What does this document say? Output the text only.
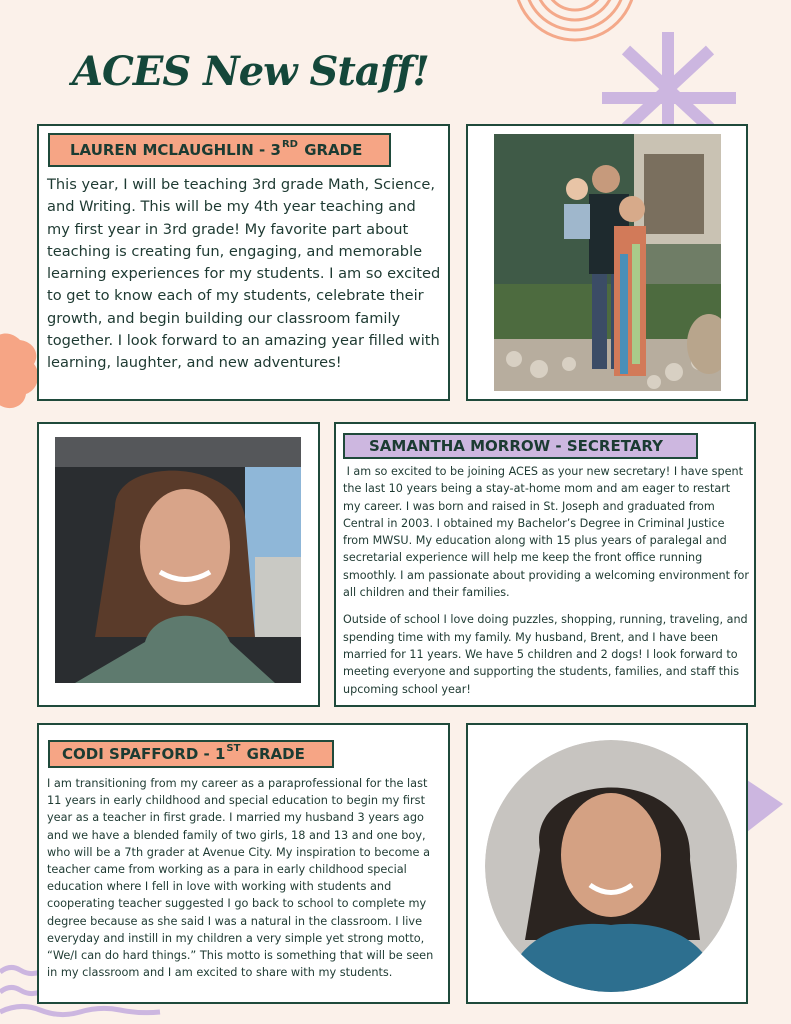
ACES New Staff!
LAUREN MCLAUGHLIN - 3RD GRADE
This year, I will be teaching 3rd grade Math, Science, and Writing. This will be my 4th year teaching and my first year in 3rd grade! My favorite part about teaching is creating fun, engaging, and memorable learning experiences for my students. I am so excited to get to know each of my students, celebrate their growth, and begin building our classroom family together. I look forward to an amazing year filled with learning, laughter, and new adventures!
SAMANTHA MORROW - SECRETARY

I am so excited to be joining ACES as your new secretary! I have spent the last 10 years being a stay-at-home mom and am eager to restart my career. I was born and raised in St. Joseph and graduated from Central in 2003. I obtained my Bachelor’s Degree in Criminal Justice from MWSU. My education along with 15 plus years of paralegal and secretarial experience will help me keep the front office running smoothly. I am passionate about providing a welcoming environment for all children and their families.

Outside of school I love doing puzzles, shopping, running, traveling, and spending time with my family. My husband, Brent, and I have been married for 11 years. We have 5 children and 2 dogs! I look forward to meeting everyone and supporting the students, families, and staff this upcoming school year!

CODI SPAFFORD - 1ST GRADE
I am transitioning from my career as a paraprofessional for the last 11 years in early childhood and special education to begin my first year as a teacher in first grade. I married my husband 3 years ago and we have a blended family of two girls, 18 and 13 and one boy, who will be a 7th grader at Avenue City. My inspiration to become a teacher came from working as a para in early childhood special education where I fell in love with working with students and cooperating teacher suggested I go back to school to complete my degree because as she said I was a natural in the classroom. I live everyday and instill in my children a very simple yet strong motto, “We/I can do hard things.” This motto is something that will be seen in my classroom and I am excited to share with my students.
